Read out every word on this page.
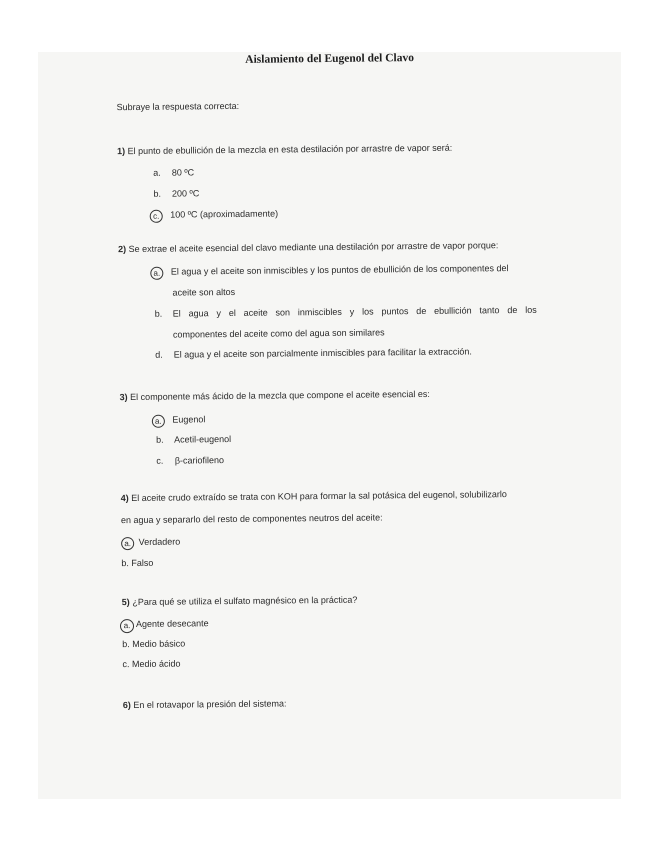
Aislamiento del Eugenol del Clavo
Subraye la respuesta correcta:
1) El punto de ebullición de la mezcla en esta destilación por arrastre de vapor será:
a. 80 ºC
b. 200 ºC
c. 100 ºC (aproximadamente)
2) Se extrae el aceite esencial del clavo mediante una destilación por arrastre de vapor porque:
a. El agua y el aceite son inmiscibles y los puntos de ebullición de los componentes del
aceite son altos
b.	El agua y el aceite son inmiscibles y los puntos de ebullición tanto de los
componentes del aceite como del agua son similares
d. El agua y el aceite son parcialmente inmiscibles para facilitar la extracción.
3) El componente más ácido de la mezcla que compone el aceite esencial es:
a. Eugenol
b. Acetil-eugenol
c. β-cariofileno
4) El aceite crudo extraído se trata con KOH para formar la sal potásica del eugenol, solubilizarlo
en agua y separarlo del resto de componentes neutros del aceite:
a. Verdadero
b. Falso
5) ¿Para qué se utiliza el sulfato magnésico en la práctica?
a. Agente desecante
b. Medio básico
c. Medio ácido
6) En el rotavapor la presión del sistema:
